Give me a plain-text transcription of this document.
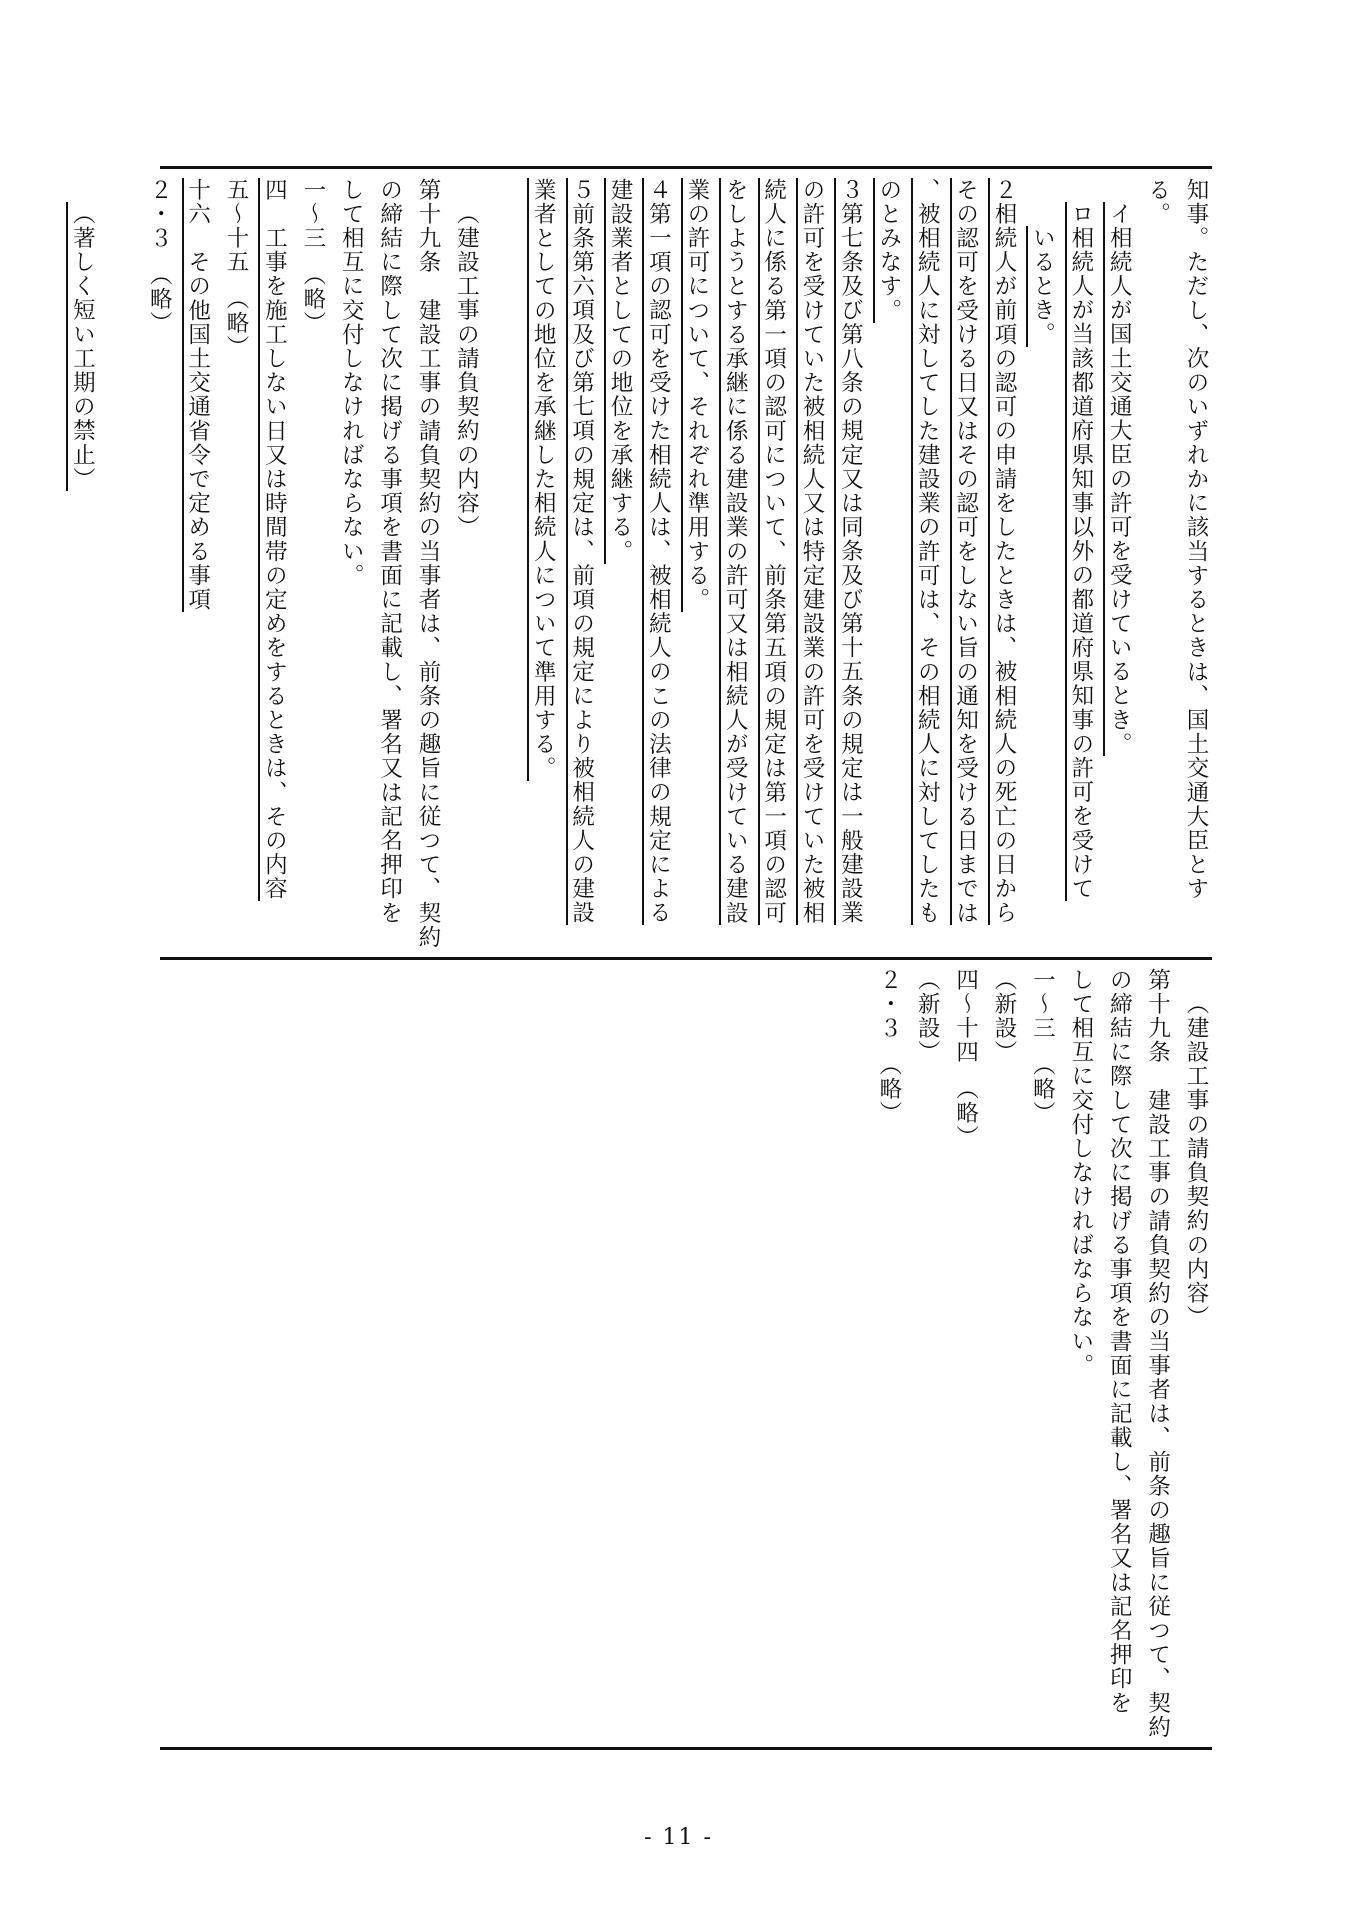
知事。ただし、次のいずれかに該当するときは、国土交通大臣とす
る。
イ相続人が国土交通大臣の許可を受けているとき。
ロ相続人が当該都道府県知事以外の都道府県知事の許可を受けて
いるとき。
２相続人が前項の認可の申請をしたときは、被相続人の死亡の日から
その認可を受ける日又はその認可をしない旨の通知を受ける日までは
、被相続人に対してした建設業の許可は、その相続人に対してしたも
のとみなす。
３第七条及び第八条の規定又は同条及び第十五条の規定は一般建設業
の許可を受けていた被相続人又は特定建設業の許可を受けていた被相
続人に係る第一項の認可について、前条第五項の規定は第一項の認可
をしようとする承継に係る建設業の許可又は相続人が受けている建設
業の許可について、それぞれ準用する。
４第一項の認可を受けた相続人は、被相続人のこの法律の規定による
建設業者としての地位を承継する。
５前条第六項及び第七項の規定は、前項の規定により被相続人の建設
業者としての地位を承継した相続人について準用する。
（建設工事の請負契約の内容）
第十九条　建設工事の請負契約の当事者は、前条の趣旨に従つて、契約
の締結に際して次に掲げる事項を書面に記載し、署名又は記名押印を
して相互に交付しなければならない。
一～三　（略）
四　工事を施工しない日又は時間帯の定めをするときは、その内容
五～十五　（略）
十六　その他国土交通省令で定める事項
２・３　（略）
（著しく短い工期の禁止）
（建設工事の請負契約の内容）
第十九条　建設工事の請負契約の当事者は、前条の趣旨に従つて、契約
の締結に際して次に掲げる事項を書面に記載し、署名又は記名押印を
して相互に交付しなければならない。
一～三　（略）
（新設）
四～十四　（略）
（新設）
２・３　（略）
- 11 -
